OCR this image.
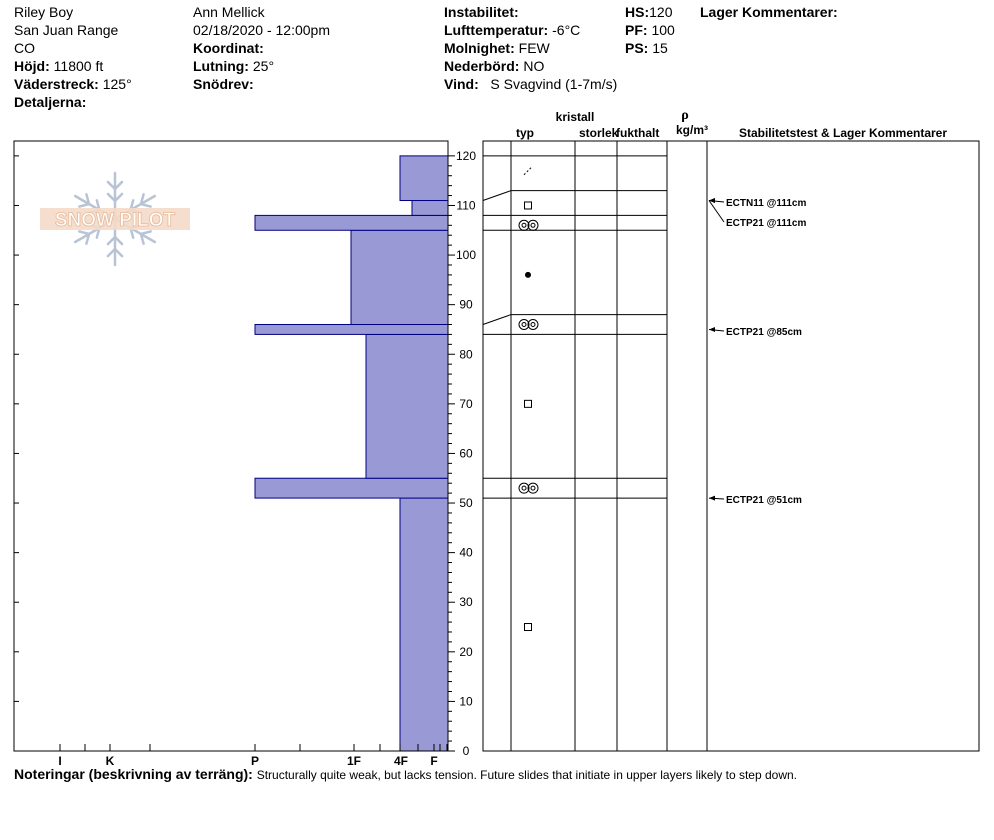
Riley Boy
San Juan Range
CO
Höjd: 11800 ft
Väderstreck: 125°
Detaljerna:
Ann Mellick
02/18/2020 - 12:00pm
Koordinat:
Lutning: 25°
Snödrev:
Instabilitet:
Lufttemperatur: -6°C
Molnighet: FEW
Nederbörd: NO
Vind: S Svagvind (1-7m/s)
HS:120
PF: 100
PS: 15
Lager Kommentarer:
Noteringar (beskrivning av terräng): Structurally quite weak, but lacks tension. Future slides that initiate in upper layers likely to step down.
SNOW PILOT
I	K	P	1F	4F F
0
10
20
30
40
50
60
70
80
90
100
110
120
ECTN11 @111cm
ECTP21 @111cm
ECTP21 @85cm
ECTP21 @51cm
typ
kristall
storlek
fukthalt
ρ
kg/m³	Stabilitetstest & Lager Kommentarer
